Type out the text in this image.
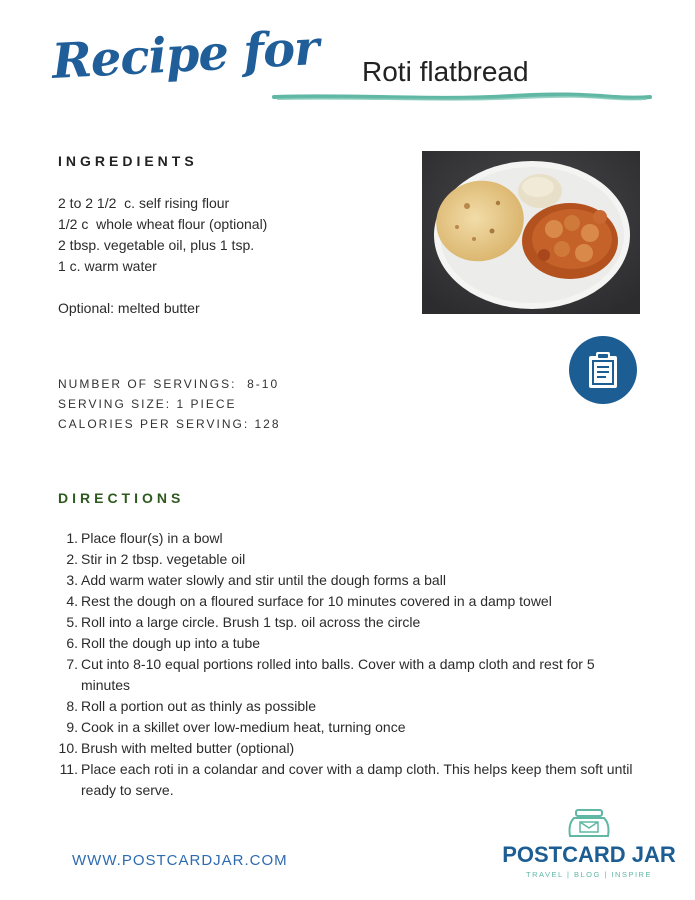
Recipe for Roti flatbread
INGREDIENTS
2 to 2 1/2  c. self rising flour
1/2 c  whole wheat flour (optional)
2 tbsp. vegetable oil, plus 1 tsp.
1 c. warm water
Optional: melted butter
NUMBER OF SERVINGS:  8-10
SERVING SIZE: 1 PIECE
CALORIES PER SERVING: 128
DIRECTIONS
1. Place flour(s) in a bowl
2. Stir in 2 tbsp. vegetable oil
3. Add warm water slowly and stir until the dough forms a ball
4. Rest the dough on a floured surface for 10 minutes covered in a damp towel
5. Roll into a large circle. Brush 1 tsp. oil across the circle
6. Roll the dough up into a tube
7. Cut into 8-10 equal portions rolled into balls. Cover with a damp cloth and rest for 5 minutes
8. Roll a portion out as thinly as possible
9. Cook in a skillet over low-medium heat, turning once
10. Brush with melted butter (optional)
11. Place each roti in a colandar and cover with a damp cloth. This helps keep them soft until ready to serve.
WWW.POSTCARDJAR.COM	POSTCARD JAR
TRAVEL | BLOG | INSPIRE
